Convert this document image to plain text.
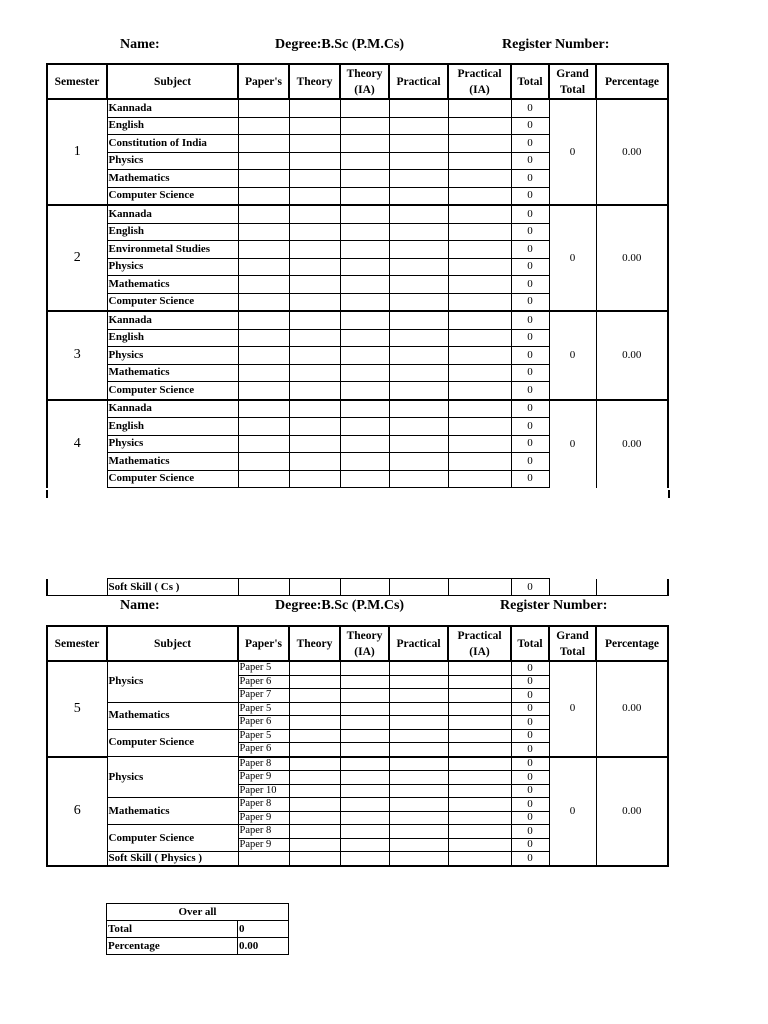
Name:	Degree:B.Sc (P.M.Cs)	Register Number:
Semester	Subject	Paper's	Theory	Theory (IA)	Practical	Practical (IA)	Total	Grand Total	Percentage
1	Kannada						0	0	0.00
	English						0		
	Constitution of India						0		
	Physics						0		
	Mathematics						0		
	Computer Science						0		
2	Kannada						0	0	0.00
	English						0		
	Environmetal Studies						0		
	Physics						0		
	Mathematics						0		
	Computer Science						0		
3	Kannada						0	0	0.00
	English						0		
	Physics						0		
	Mathematics						0		
	Computer Science						0		
4	Kannada						0	0	0.00
	English						0		
	Physics						0		
	Mathematics						0		
	Computer Science						0		
	Soft Skill ( Cs )						0		
Name:	Degree:B.Sc (P.M.Cs)	Register Number:
Semester	Subject	Paper's	Theory	Theory (IA)	Practical	Practical (IA)	Total	Grand Total	Percentage
5	Physics	Paper 5					0	0	0.00
		Paper 6					0		
		Paper 7					0		
	Mathematics	Paper 5					0		
		Paper 6					0		
	Computer Science	Paper 5					0		
		Paper 6					0		
6	Physics	Paper 8					0	0	0.00
		Paper 9					0		
		Paper 10					0		
	Mathematics	Paper 8					0		
		Paper 9					0		
	Computer Science	Paper 8					0		
		Paper 9					0		
	Soft Skill ( Physics )						0		
Over all	
Total	0
Percentage	0.00
